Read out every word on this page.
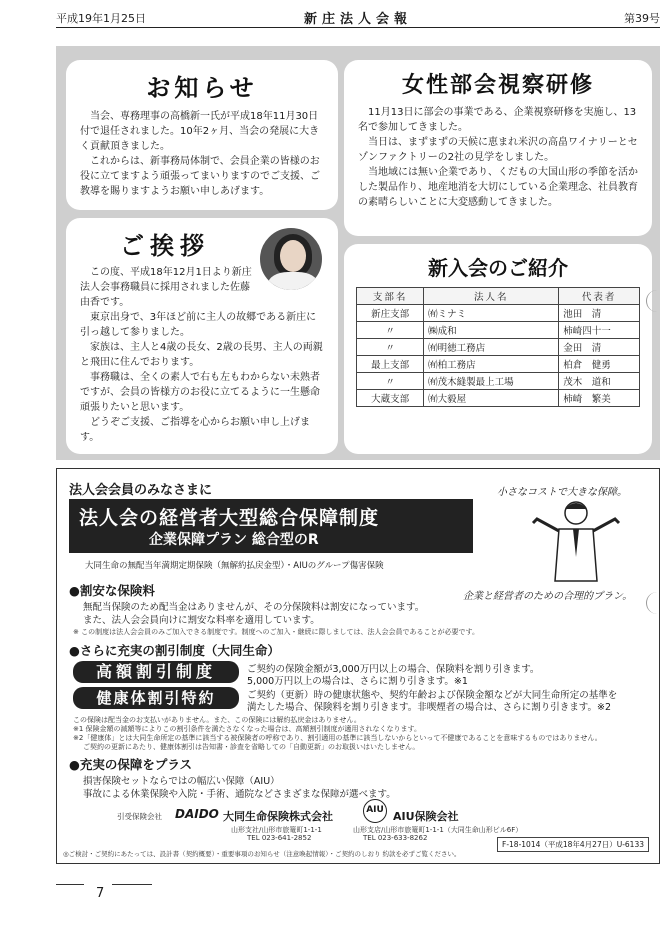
平成19年1月25日	新庄法人会報	第39号
お知らせ

当会、専務理事の高橋新一氏が平成18年11月30日付で退任されました。10年2ヶ月、当会の発展に大きく貢献頂きました。

これからは、新事務局体制で、会員企業の皆様のお役に立てますよう頑張ってまいりますのでご支援、ご教導を賜りますようお願い申しあげます。

女性部会視察研修

11月13日に部会の事業である、企業視察研修を実施し、13名で参加してきました。

当日は、まずまずの天候に恵まれ米沢の高畠ワイナリーとセゾンファクトリーの2社の見学をしました。

当地域には無い企業であり、くだもの大国山形の季節を活かした製品作り、地産地消を大切にしている企業理念、社員教育の素晴らしいことに大変感動してきました。

ご挨拶

この度、平成18年12月1日より新庄法人会事務職員に採用されました佐藤由香です。

東京出身で、3年ほど前に主人の故郷である新庄に引っ越して参りました。

家族は、主人と4歳の長女、2歳の長男、主人の両親と飛田に住んでおります。

事務職は、全くの素人で右も左もわからない未熟者ですが、会員の皆様方のお役に立てるように一生懸命頑張りたいと思います。

どうぞご支援、ご指導を心からお願い申し上げます。

新入会のご紹介
支部名	法人名	代表者
新庄支部	㈲ミナミ	池田　清
〃	㈱成和	柿崎四十一
〃	㈲明徳工務店	金田　清
最上支部	㈲柏工務店	柏倉　健勇
〃	㈲茂木縫製最上工場	茂木　道和
大蔵支部	㈲大毅屋	柿崎　繁美
法人会会員のみなさまに
法人会の経営者大型総合保障制度
企業保障プラン 総合型のR
大同生命の無配当年満期定期保険（無解約払戻金型）・AIUのグループ傷害保険
小さなコストで大きな保障。
企業と経営者のための合理的プラン。
●割安な保険料
無配当保険のため配当金はありませんが、その分保険料は割安になっています。
また、法人会会員向けに割安な料率を適用しています。
※ この制度は法人会会員のみご加入できる制度です。制度へのご加入・継続に際しましては、法人会会員であることが必要です。
●さらに充実の割引制度（大同生命）
高額割引制度	ご契約の保険金額が3,000万円以上の場合、保険料を割り引きます。
5,000万円以上の場合は、さらに割り引きます。※1
健康体割引特約	ご契約（更新）時の健康状態や、契約年齢および保険金額などが大同生命所定の基準を
満たした場合、保険料を割り引きます。非喫煙者の場合は、さらに割り引きます。※2
この保険は配当金のお支払いがありません。また、この保険には解約払戻金はありません。
※1 保険金額の減額等によりこの割引条件を満たさなくなった場合は、高額割引制度が適用されなくなります。
※2「健康体」とは大同生命所定の基準に該当する被保険者の呼称であり、割引適用の基準に該当しないからといって不健康であることを意味するものではありません。
ご契約の更新にあたり、健康体割引は告知書・診査を省略しての「自動更新」のお取扱いはいたしません。
●充実の保障をプラス
損害保険セットならではの幅広い保障（AIU）
事故による休業保険や入院・手術、通院などさまざまな保障が選べます。
引受保険会社 DAIDO 大同生命保険株式会社	AIU AIU保険会社
山形支社/山形市旅篭町1-1-1
TEL 023-641-2852
山形支店/山形市旅篭町1-1-1（大同生命山形ビル6F）
TEL 023-633-8262
◎ご検討・ご契約にあたっては、設計書（契約概要）・重要事項のお知らせ（注意喚起情報）・ご契約のしおり 約款を必ずご覧ください。
F-18-1014（平成18年4月27日）U-6133
7
